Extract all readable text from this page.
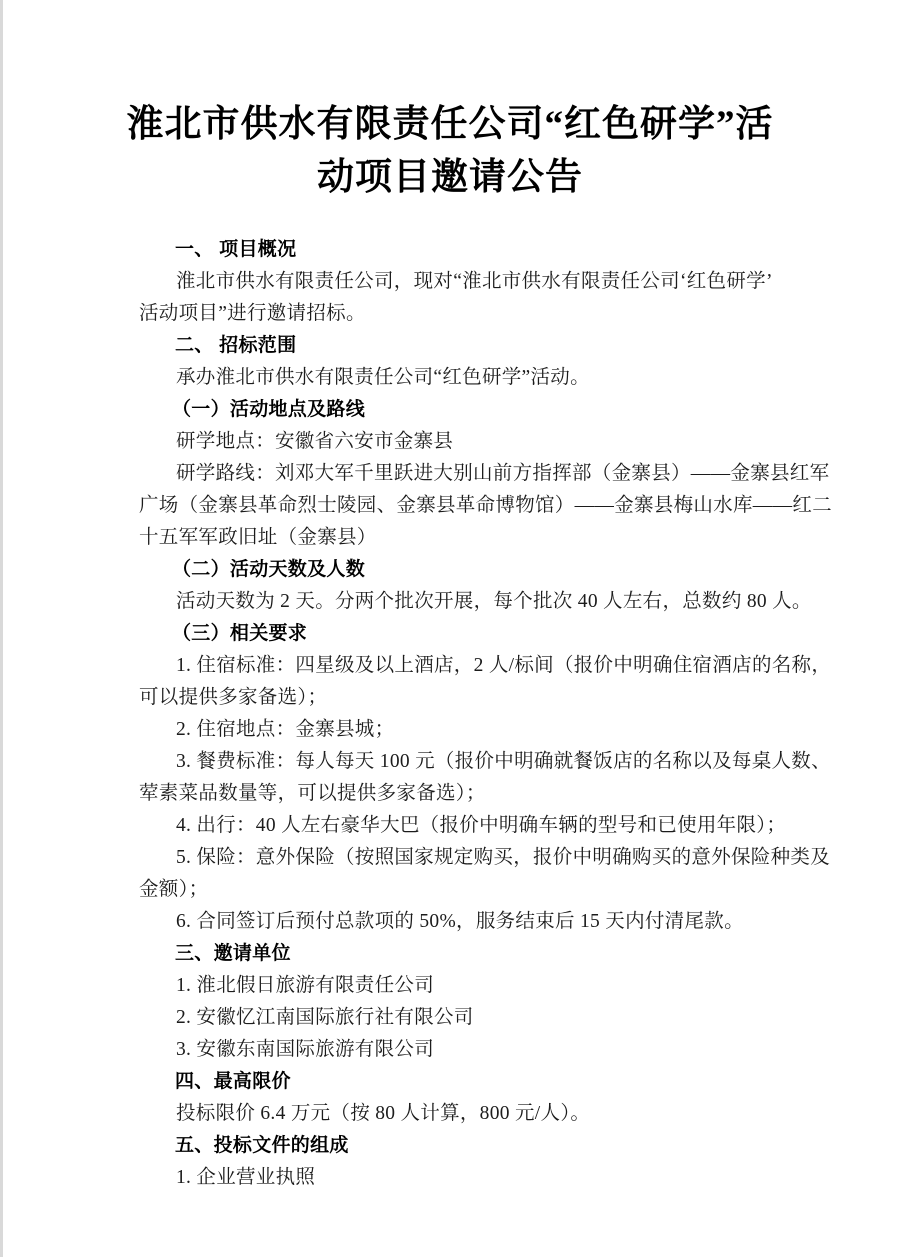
淮北市供水有限责任公司“红色研学”活
动项目邀请公告
一、 项目概况
淮北市供水有限责任公司，现对“淮北市供水有限责任公司‘红色研学’
活动项目”进行邀请招标。
二、 招标范围
承办淮北市供水有限责任公司“红色研学”活动。
（一）活动地点及路线
研学地点：安徽省六安市金寨县
研学路线：刘邓大军千里跃进大别山前方指挥部（金寨县）——金寨县红军
广场（金寨县革命烈士陵园、金寨县革命博物馆）——金寨县梅山水库——红二
十五军军政旧址（金寨县）
（二）活动天数及人数
活动天数为 2 天。分两个批次开展，每个批次 40 人左右，总数约 80 人。
（三）相关要求
1. 住宿标准：四星级及以上酒店，2 人/标间（报价中明确住宿酒店的名称，
可以提供多家备选）；
2. 住宿地点：金寨县城；
3. 餐费标准：每人每天 100 元（报价中明确就餐饭店的名称以及每桌人数、
荤素菜品数量等，可以提供多家备选）；
4. 出行：40 人左右豪华大巴（报价中明确车辆的型号和已使用年限）；
5. 保险：意外保险（按照国家规定购买，报价中明确购买的意外保险种类及
金额）；
6. 合同签订后预付总款项的 50%，服务结束后 15 天内付清尾款。
三、邀请单位
1. 淮北假日旅游有限责任公司
2. 安徽忆江南国际旅行社有限公司
3. 安徽东南国际旅游有限公司
四、最高限价
投标限价 6.4 万元（按 80 人计算，800 元/人）。
五、投标文件的组成
1. 企业营业执照
